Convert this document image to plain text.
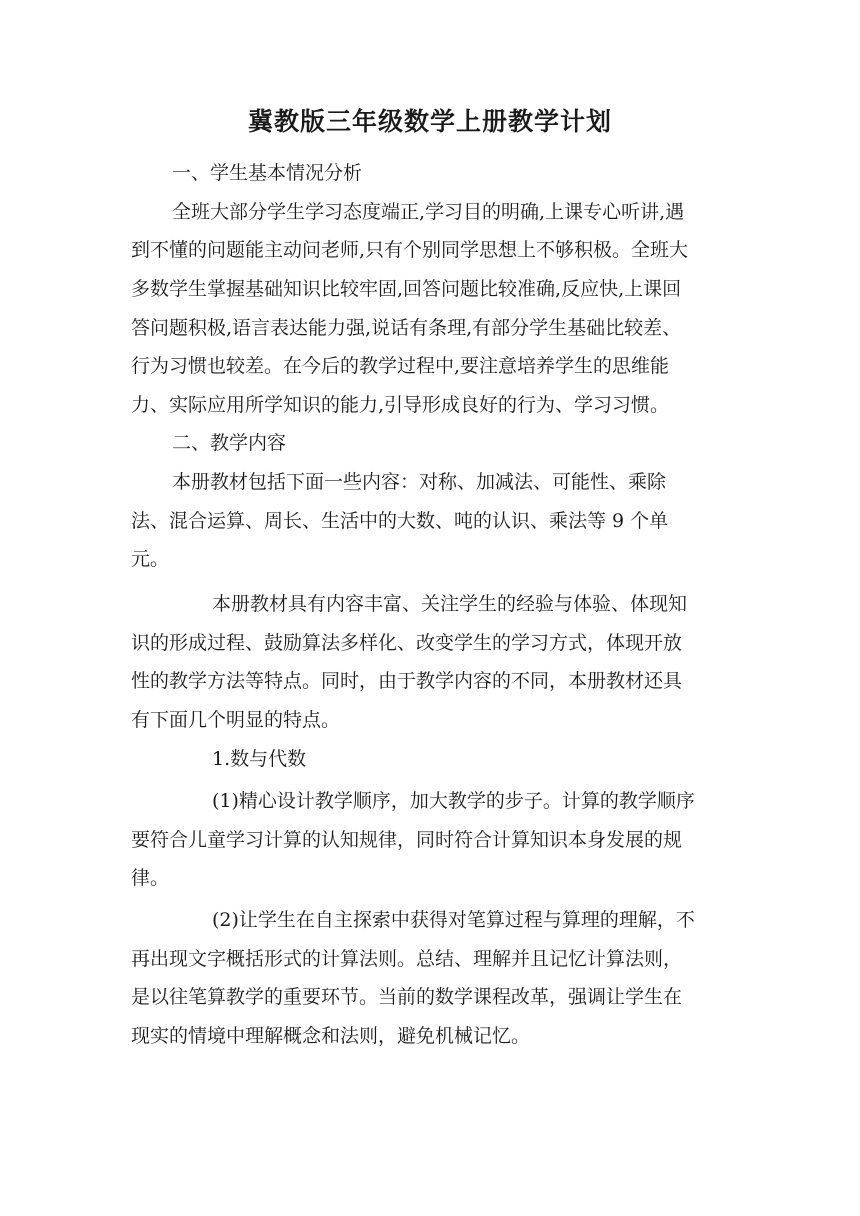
冀教版三年级数学上册教学计划
一、学生基本情况分析
全班大部分学生学习态度端正,学习目的明确,上课专心听讲,遇
到不懂的问题能主动问老师,只有个别同学思想上不够积极。全班大
多数学生掌握基础知识比较牢固,回答问题比较准确,反应快,上课回
答问题积极,语言表达能力强,说话有条理,有部分学生基础比较差、
行为习惯也较差。在今后的教学过程中,要注意培养学生的思维能
力、实际应用所学知识的能力,引导形成良好的行为、学习习惯。
二、教学内容
本册教材包括下面一些内容：对称、加减法、可能性、乘除
法、混合运算、周长、生活中的大数、吨的认识、乘法等 9 个单
元。
本册教材具有内容丰富、关注学生的经验与体验、体现知
识的形成过程、鼓励算法多样化、改变学生的学习方式，体现开放
性的教学方法等特点。同时，由于教学内容的不同，本册教材还具
有下面几个明显的特点。
1.数与代数
(1)精心设计教学顺序，加大教学的步子。计算的教学顺序
要符合儿童学习计算的认知规律，同时符合计算知识本身发展的规
律。
(2)让学生在自主探索中获得对笔算过程与算理的理解，不
再出现文字概括形式的计算法则。总结、理解并且记忆计算法则，
是以往笔算教学的重要环节。当前的数学课程改革，强调让学生在
现实的情境中理解概念和法则，避免机械记忆。
